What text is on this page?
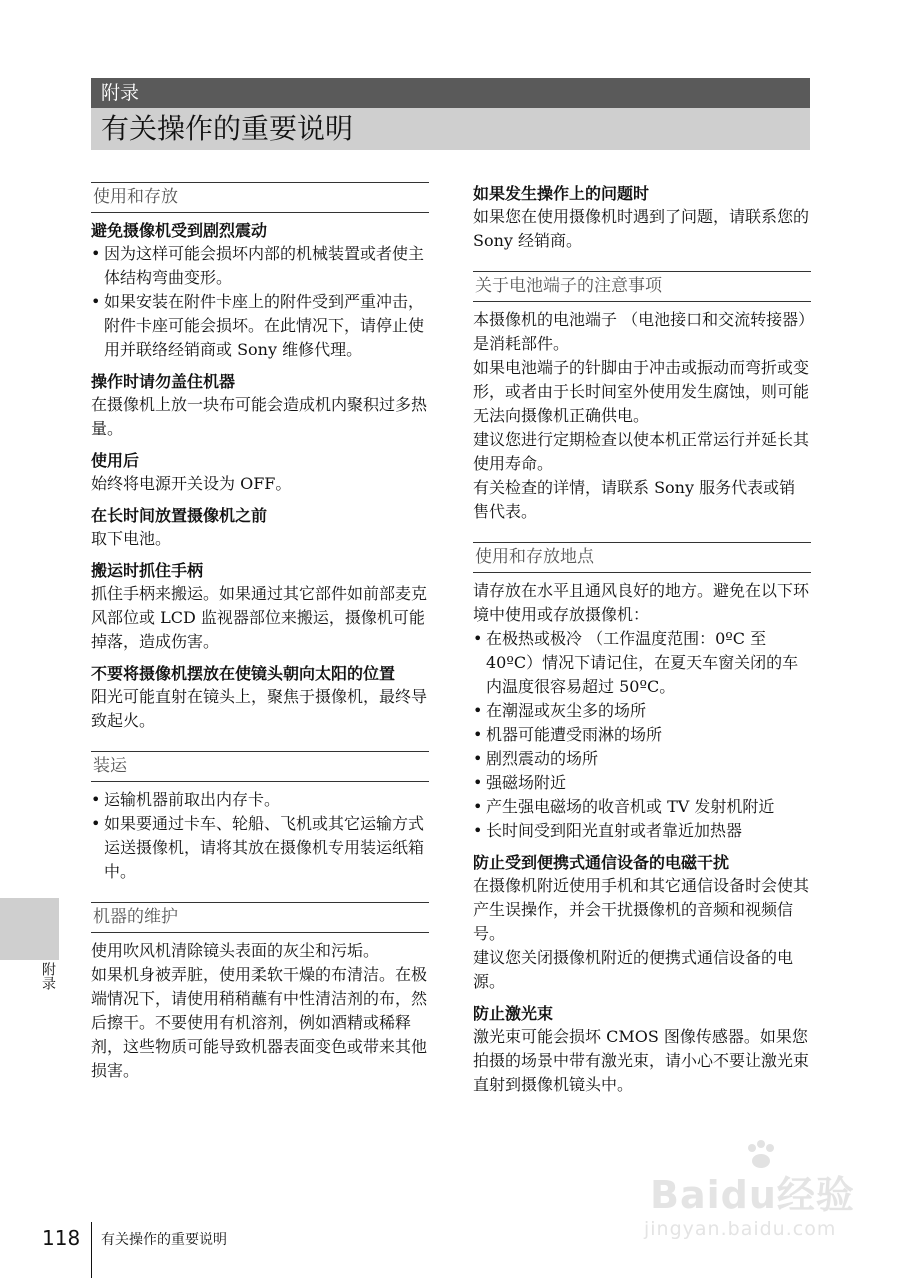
附录
有关操作的重要说明
使用和存放
避免摄像机受到剧烈震动
• 因为这样可能会损坏内部的机械装置或者使主体结构弯曲变形。
• 如果安装在附件卡座上的附件受到严重冲击，附件卡座可能会损坏。在此情况下，请停止使用并联络经销商或 Sony 维修代理。
操作时请勿盖住机器
在摄像机上放一块布可能会造成机内聚积过多热量。
使用后
始终将电源开关设为 OFF。
在长时间放置摄像机之前
取下电池。
搬运时抓住手柄
抓住手柄来搬运。如果通过其它部件如前部麦克风部位或 LCD 监视器部位来搬运，摄像机可能掉落，造成伤害。
不要将摄像机摆放在使镜头朝向太阳的位置
阳光可能直射在镜头上，聚焦于摄像机，最终导致起火。
装运
• 运输机器前取出内存卡。
• 如果要通过卡车、轮船、飞机或其它运输方式运送摄像机，请将其放在摄像机专用装运纸箱中。
机器的维护
使用吹风机清除镜头表面的灰尘和污垢。
如果机身被弄脏，使用柔软干燥的布清洁。在极端情况下，请使用稍稍蘸有中性清洁剂的布，然后擦干。不要使用有机溶剂，例如酒精或稀释剂，这些物质可能导致机器表面变色或带来其他损害。
如果发生操作上的问题时
如果您在使用摄像机时遇到了问题，请联系您的 Sony 经销商。
关于电池端子的注意事项
本摄像机的电池端子 （电池接口和交流转接器）是消耗部件。
如果电池端子的针脚由于冲击或振动而弯折或变形，或者由于长时间室外使用发生腐蚀，则可能无法向摄像机正确供电。
建议您进行定期检查以使本机正常运行并延长其使用寿命。
有关检查的详情，请联系 Sony 服务代表或销售代表。
使用和存放地点
请存放在水平且通风良好的地方。避免在以下环境中使用或存放摄像机：
• 在极热或极冷 （工作温度范围：0ºC 至 40ºC）情况下请记住，在夏天车窗关闭的车内温度很容易超过 50ºC。
• 在潮湿或灰尘多的场所
• 机器可能遭受雨淋的场所
• 剧烈震动的场所
• 强磁场附近
• 产生强电磁场的收音机或 TV 发射机附近
• 长时间受到阳光直射或者靠近加热器
防止受到便携式通信设备的电磁干扰
在摄像机附近使用手机和其它通信设备时会使其产生误操作，并会干扰摄像机的音频和视频信号。
建议您关闭摄像机附近的便携式通信设备的电源。
防止激光束
激光束可能会损坏 CMOS 图像传感器。如果您拍摄的场景中带有激光束，请小心不要让激光束直射到摄像机镜头中。
附录
118 有关操作的重要说明
Baidu经验
jingyan.baidu.com
